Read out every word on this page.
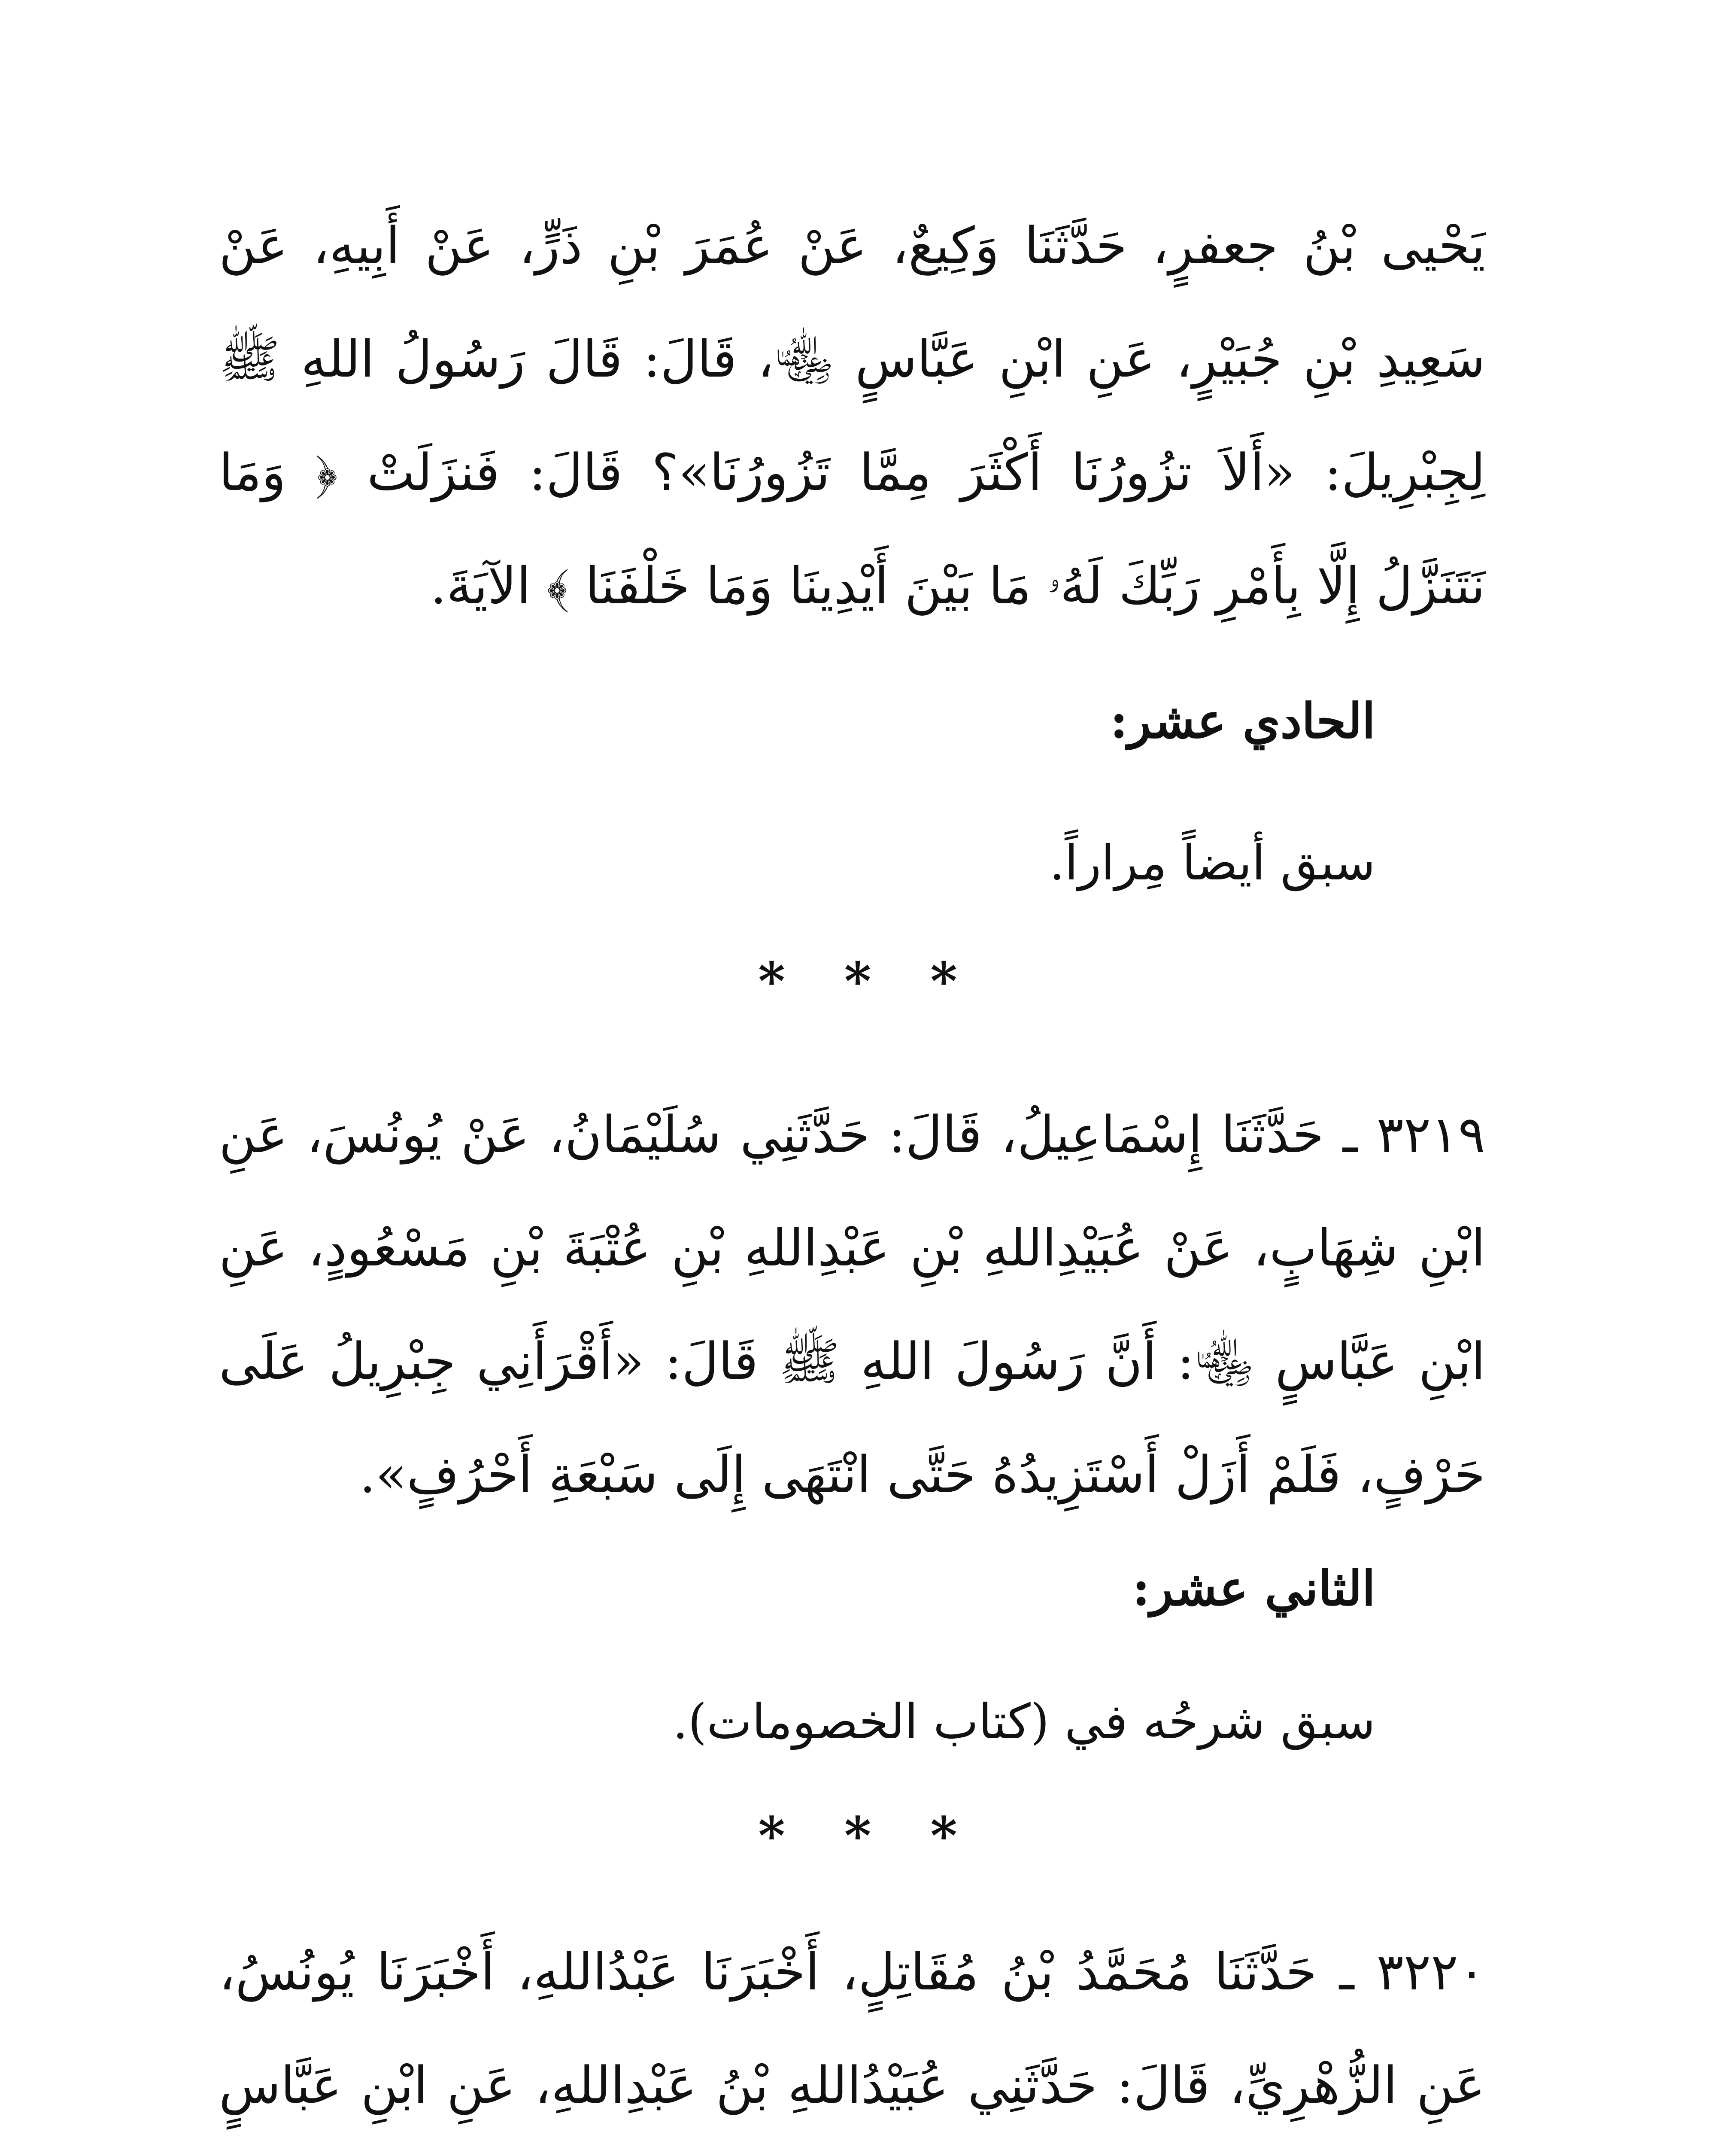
يَحْيى بْنُ جعفرٍ، حَدَّثَنَا وَكِيعٌ، عَنْ عُمَرَ بْنِ ذَرٍّ، عَنْ أَبِيهِ، عَنْ سَعِيدِ بْنِ جُبَيْرٍ، عَنِ ابْنِ عَبَّاسٍ ﵄، قَالَ: قَالَ رَسُولُ اللهِ ﷺ لِجِبْرِيلَ: «أَلاَ تزُورُنَا أَكْثَرَ مِمَّا تَزُورُنَا»؟ قَالَ: فَنزَلَتْ ﴿ وَمَا نَتَنَزَّلُ إِلَّا بِأَمْرِ رَبِّكَ لَهُۥ مَا بَيْنَ أَيْدِينَا وَمَا خَلْفَنَا ﴾ الآيَةَ.

الحادي عشر:
سبق أيضاً مِراراً.
* * *

٣٢١٩ ـ حَدَّثَنَا إِسْمَاعِيلُ، قَالَ: حَدَّثَنِي سُلَيْمَانُ، عَنْ يُونُسَ، عَنِ ابْنِ شِهَابٍ، عَنْ عُبَيْدِاللهِ بْنِ عَبْدِاللهِ بْنِ عُتْبَةَ بْنِ مَسْعُودٍ، عَنِ ابْنِ عَبَّاسٍ ﵄: أَنَّ رَسُولَ اللهِ ﷺ قَالَ: «أَقْرَأَنِي جِبْرِيلُ عَلَى حَرْفٍ، فَلَمْ أَزَلْ أَسْتَزِيدُهُ حَتَّى انْتَهَى إِلَى سَبْعَةِ أَحْرُفٍ».

الثاني عشر:
سبق شرحُه في (كتاب الخصومات).
* * *

٣٢٢٠ ـ حَدَّثَنَا مُحَمَّدُ بْنُ مُقَاتِلٍ، أَخْبَرَنَا عَبْدُاللهِ، أَخْبَرَنَا يُونُسُ، عَنِ الزُّهْرِيِّ، قَالَ: حَدَّثَنِي عُبَيْدُاللهِ بْنُ عَبْدِاللهِ، عَنِ ابْنِ عَبَّاسٍ
